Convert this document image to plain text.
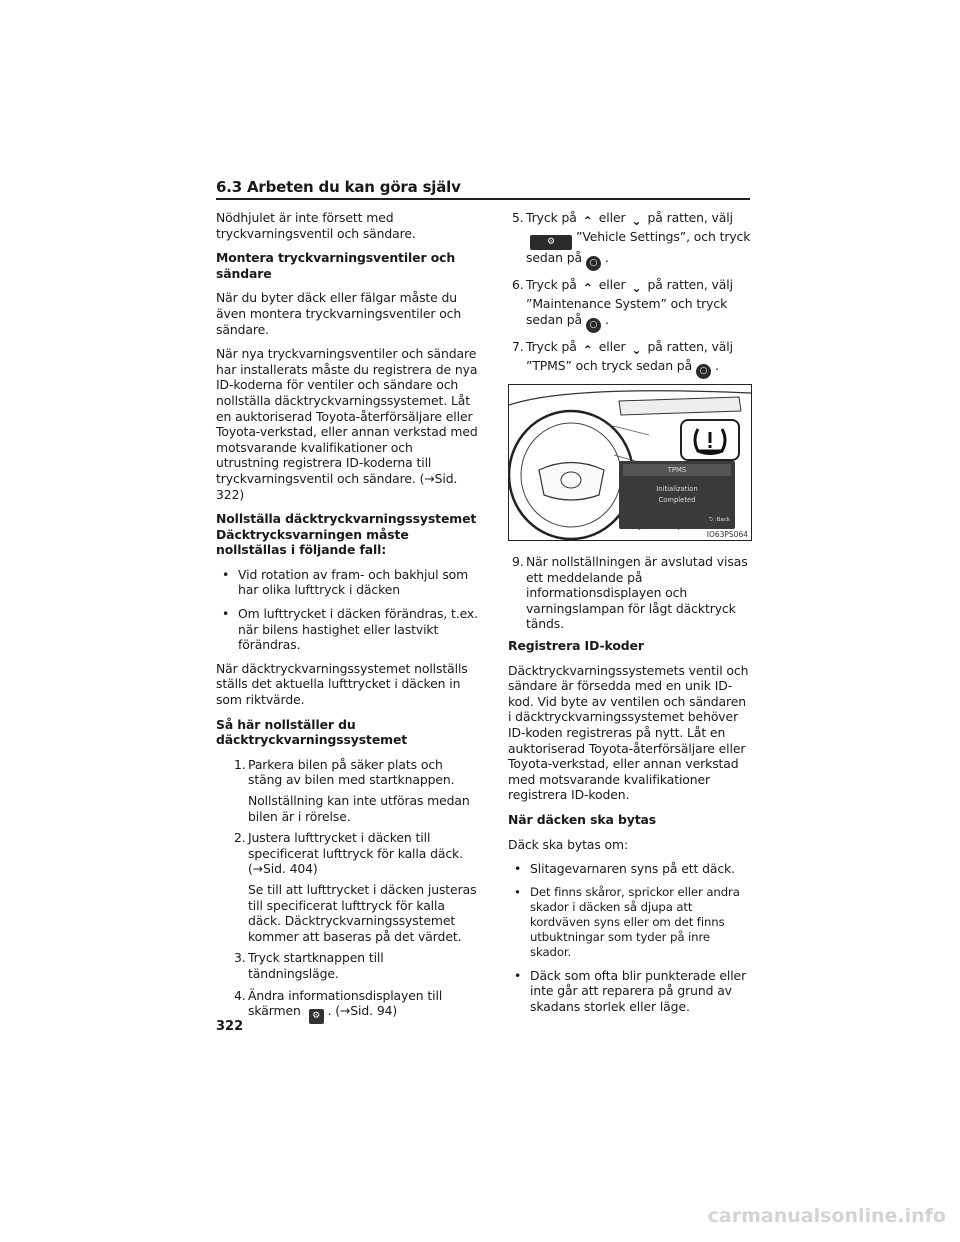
6.3 Arbeten du kan göra själv

Nödhjulet är inte försett med tryckvarningsventil och sändare.

Montera tryckvarningsventiler och sändare

När du byter däck eller fälgar måste du även montera tryckvarningsventiler och sändare.

När nya tryckvarningsventiler och sändare har installerats måste du registrera de nya ID-koderna för ventiler och sändare och nollställa däcktryckvarningssystemet. Låt en auktoriserad Toyota-återförsäljare eller Toyota-verkstad, eller annan verkstad med motsvarande kvalifikationer och utrustning registrera ID-koderna till tryckvarningsventil och sändare. (→Sid. 322)

Nollställa däcktryckvarningssystemet Däcktrycksvarningen måste nollställas i följande fall:
• Vid rotation av fram- och bakhjul som har olika lufttryck i däcken
• Om lufttrycket i däcken förändras, t.ex. när bilens hastighet eller lastvikt förändras.

När däcktryckvarningssystemet nollställs ställs det aktuella lufttrycket i däcken in som riktvärde.

Så här nollställer du däcktryckvarningssystemet
1. Parkera bilen på säker plats och stäng av bilen med startknappen.
Nollställning kan inte utföras medan bilen är i rörelse.
2. Justera lufttrycket i däcken till specificerat lufttryck för kalla däck. (→Sid. 404)
Se till att lufttrycket i däcken justeras till specificerat lufttryck för kalla däck. Däcktryckvarningssystemet kommer att baseras på det värdet.
3. Tryck startknappen till tändningsläge.
4. Ändra informationsdisplayen till skärmen ⚙ . (→Sid. 94)
5. Tryck på ⌃ eller ⌄ på ratten, välj ⚙ ”Vehicle Settings”, och tryck sedan på ○ .
6. Tryck på ⌃ eller ⌄ på ratten, välj ”Maintenance System” och tryck sedan på ○ .
7. Tryck på ⌃ eller ⌄ på ratten, välj ”TPMS” och tryck sedan på ○ .
TPMS
Initialization
Completed
⮌ :Back
IO63PS064
9. När nollställningen är avslutad visas ett meddelande på informationsdisplayen och varningslampan för lågt däcktryck tänds.
Registrera ID-koder

Däcktryckvarningssystemets ventil och sändare är försedda med en unik ID-kod. Vid byte av ventilen och sändaren i däcktryckvarningssystemet behöver ID-koden registreras på nytt. Låt en auktoriserad Toyota-återförsäljare eller Toyota-verkstad, eller annan verkstad med motsvarande kvalifikationer registrera ID-koden.

När däcken ska bytas

Däck ska bytas om:

• Slitagevarnaren syns på ett däck.
• Det finns skåror, sprickor eller andra skador i däcken så djupa att kordväven syns eller om det finns utbuktningar som tyder på inre skador.
• Däck som ofta blir punkterade eller inte går att reparera på grund av skadans storlek eller läge.
322
carmanualsonline.info
